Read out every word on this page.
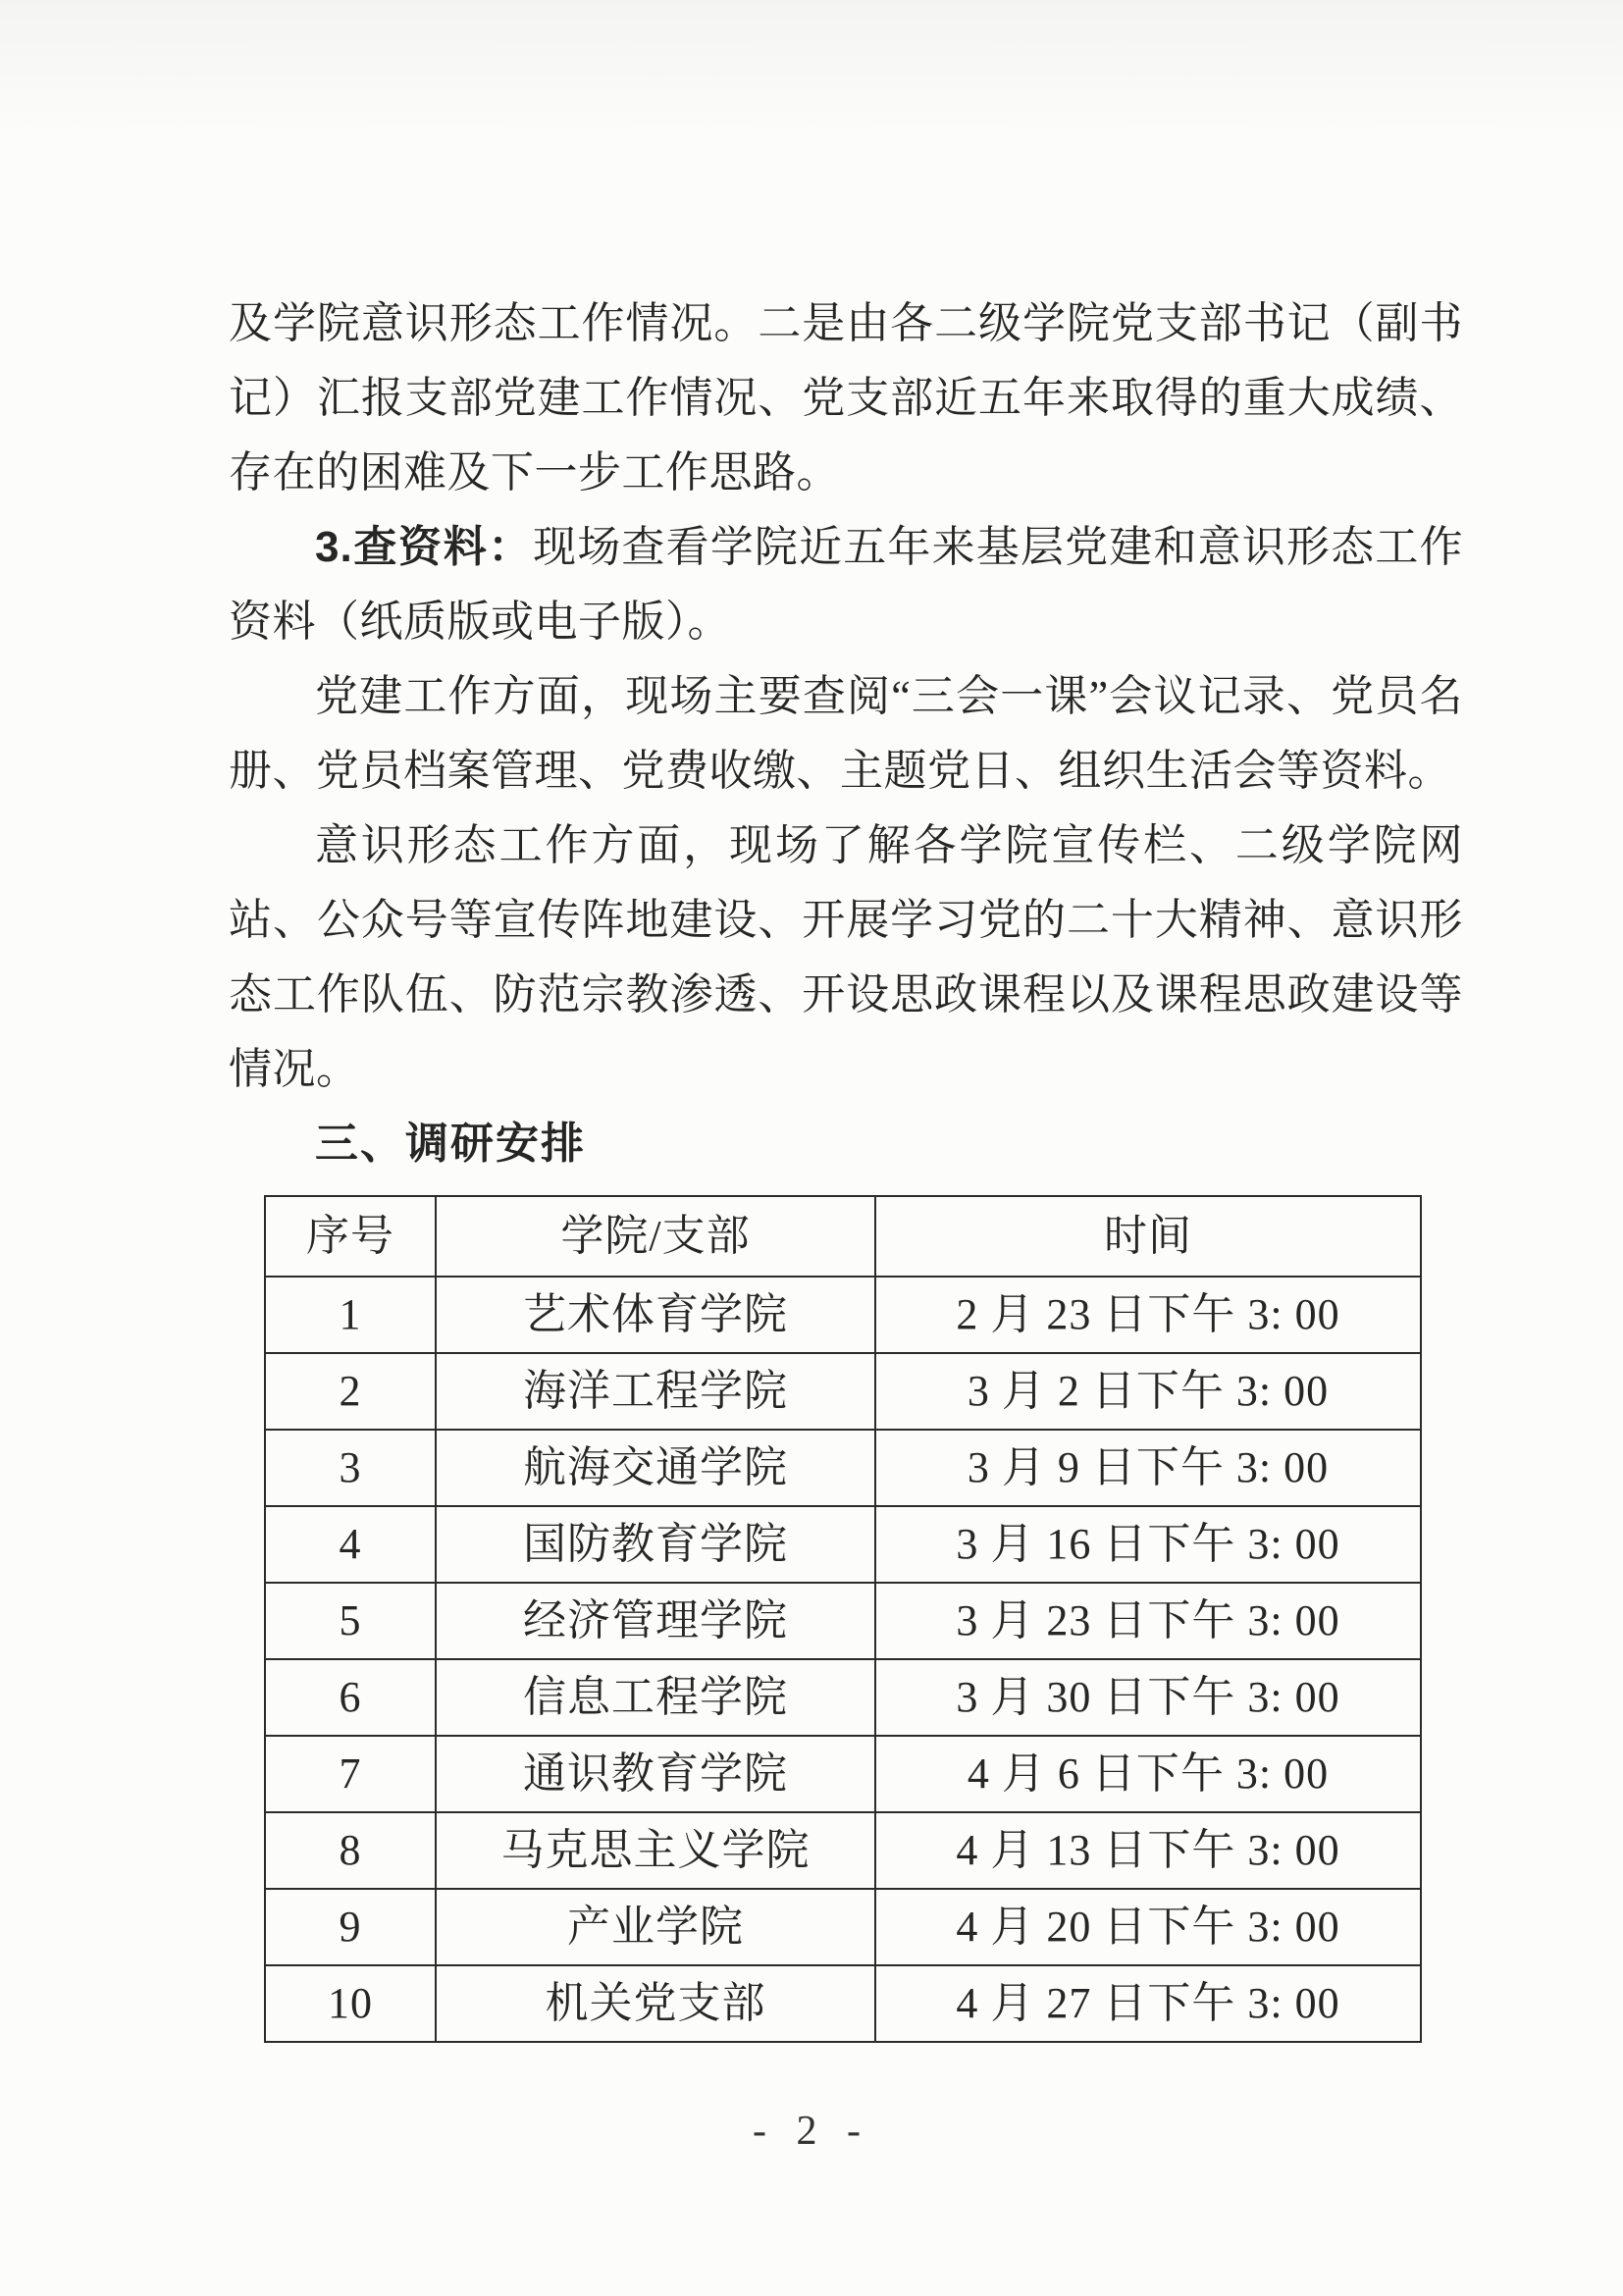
及学院意识形态工作情况。二是由各二级学院党支部书记（副书记）汇报支部党建工作情况、党支部近五年来取得的重大成绩、存在的困难及下一步工作思路。

3.查资料：现场查看学院近五年来基层党建和意识形态工作资料（纸质版或电子版）。

党建工作方面，现场主要查阅“三会一课”会议记录、党员名册、党员档案管理、党费收缴、主题党日、组织生活会等资料。

意识形态工作方面，现场了解各学院宣传栏、二级学院网站、公众号等宣传阵地建设、开展学习党的二十大精神、意识形态工作队伍、防范宗教渗透、开设思政课程以及课程思政建设等情况。

三、调研安排
序号	学院/支部	时间
1	艺术体育学院	2 月 23 日下午 3: 00
2	海洋工程学院	3 月 2 日下午 3: 00
3	航海交通学院	3 月 9 日下午 3: 00
4	国防教育学院	3 月 16 日下午 3: 00
5	经济管理学院	3 月 23 日下午 3: 00
6	信息工程学院	3 月 30 日下午 3: 00
7	通识教育学院	4 月 6 日下午 3: 00
8	马克思主义学院	4 月 13 日下午 3: 00
9	产业学院	4 月 20 日下午 3: 00
10	机关党支部	4 月 27 日下午 3: 00
- 2 -
